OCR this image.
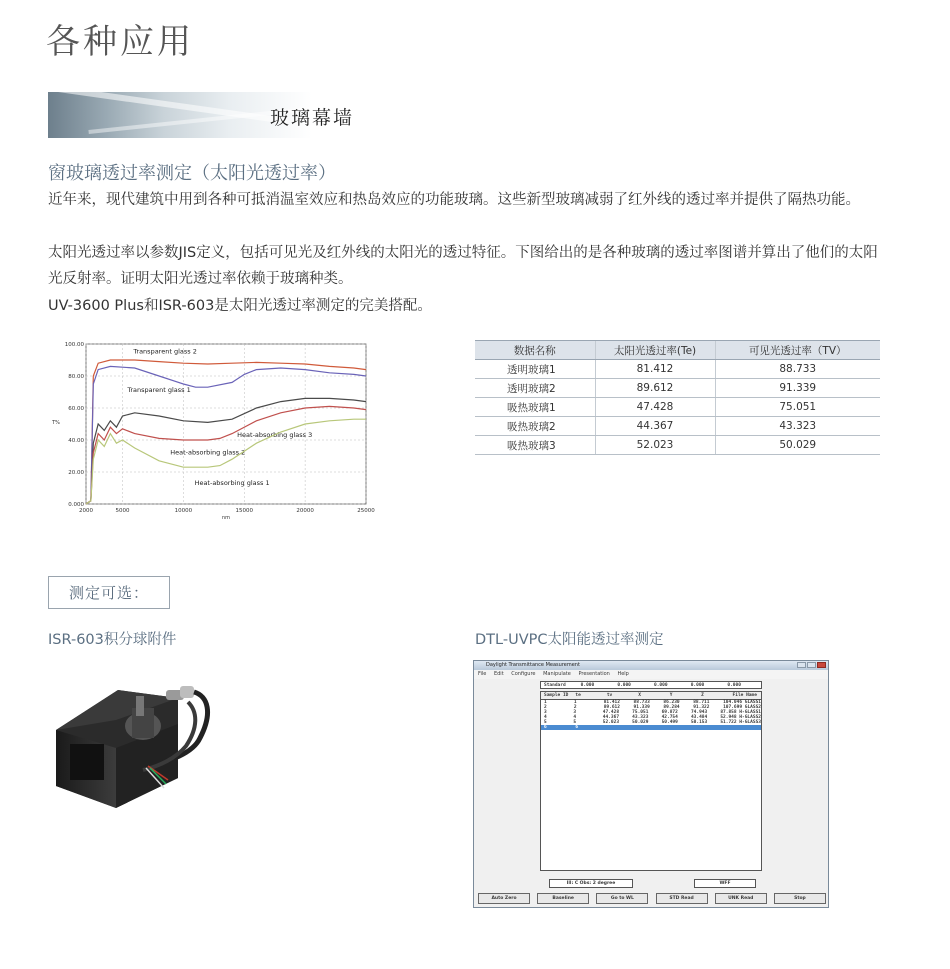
各种应用
玻璃幕墙
窗玻璃透过率测定（太阳光透过率）

近年来，现代建筑中用到各种可抵消温室效应和热岛效应的功能玻璃。这些新型玻璃减弱了红外线的透过率并提供了隔热功能。

太阳光透过率以参数JIS定义，包括可见光及红外线的太阳光的透过特征。下图给出的是各种玻璃的透过率图谱并算出了他们的太阳光反射率。证明太阳光透过率依赖于玻璃种类。

UV-3600 Plus和ISR-603是太阳光透过率测定的完美搭配。

2000	5000	10000	15000	20000	25000
0.000
20.00
40.00
60.00
80.00
100.00
nm
T%
Transparent glass 2
Transparent glass 1
Heat-absorbing glass 3
Heat-absorbing glass 2
Heat-absorbing glass 1
数据名称	太阳光透过率(Te)	可见光透过率（TV）
透明玻璃1	81.412	88.733
透明玻璃2	89.612	91.339
吸热玻璃1	47.428	75.051
吸热玻璃2	44.367	43.323
吸热玻璃3	52.023	50.029
测定可选：
ISR-603积分球附件	DTL-UVPC太阳能透过率测定
Daylight Transmittance Measurement
File Edit Configure Manipulate Presentation Help
Standard	0.000	0.000	0.000	0.000	0.000
Sample ID	te	tv	X	Y	Z	File Name
1	1	81.412	88.733	86.230	88.711	104.046 GLASS1
2	2	89.612	91.339	89.284	91.322	107.699 GLASS2
3	3	47.428	75.051	69.872	74.943	87.858 H-GLASS1
4	4	44.367	43.323	42.754	43.484	52.948 H-GLASS2
5	5	52.023	50.029	50.499	50.153	51.722 H-GLASS3
6	6
Ill: C Obs: 2 degree	WFF
Auto Zero	Baseline	Go to WL	STD Read	UNK Read	Stop
